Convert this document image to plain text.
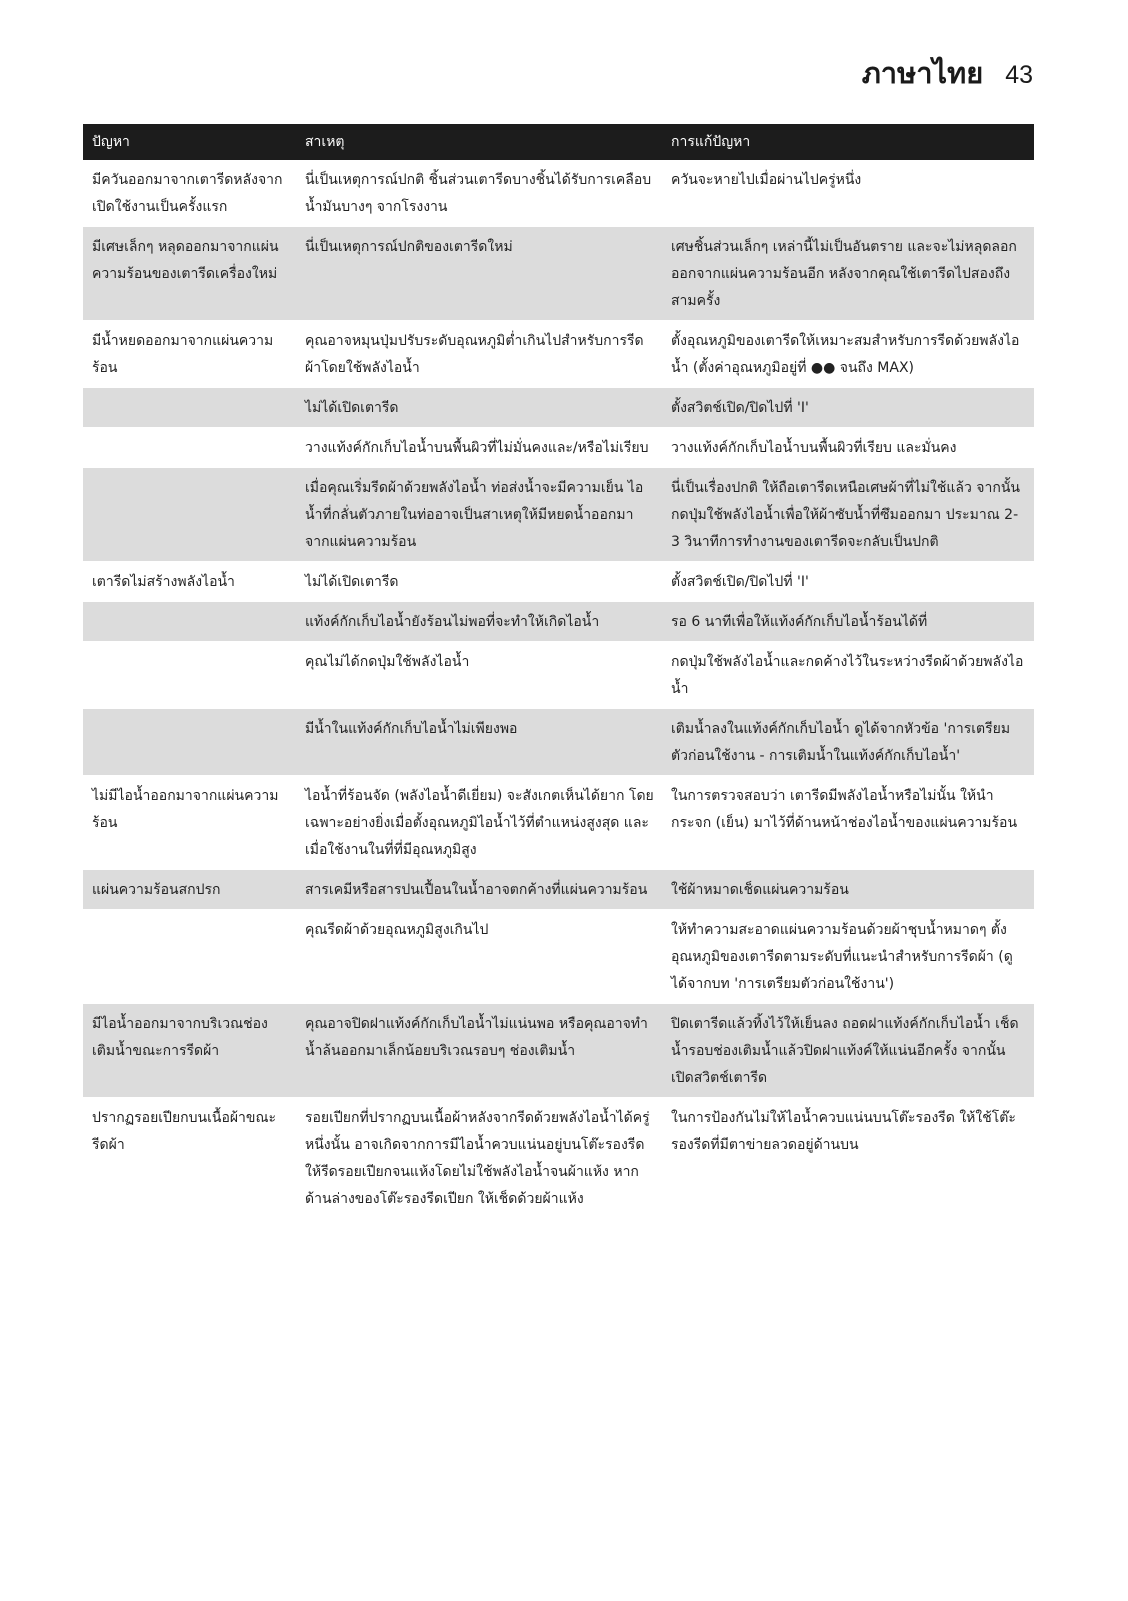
ภาษาไทย 43
ปัญหา	สาเหตุ	การแก้ปัญหา
มีควันออกมาจากเตารีดหลังจากเปิดใช้งานเป็นครั้งแรก	นี่เป็นเหตุการณ์ปกติ ชิ้นส่วนเตารีดบางชิ้นได้รับการเคลือบน้ำมันบางๆ จากโรงงาน	ควันจะหายไปเมื่อผ่านไปครู่หนึ่ง
มีเศษเล็กๆ หลุดออกมาจากแผ่นความร้อนของเตารีดเครื่องใหม่	นี่เป็นเหตุการณ์ปกติของเตารีดใหม่	เศษชิ้นส่วนเล็กๆ เหล่านี้ไม่เป็นอันตราย และจะไม่หลุดลอกออกจากแผ่นความร้อนอีก หลังจากคุณใช้เตารีดไปสองถึงสามครั้ง
มีน้ำหยดออกมาจากแผ่นความร้อน	คุณอาจหมุนปุ่มปรับระดับอุณหภูมิต่ำเกินไปสำหรับการรีดผ้าโดยใช้พลังไอน้ำ	ตั้งอุณหภูมิของเตารีดให้เหมาะสมสำหรับการรีดด้วยพลังไอน้ำ (ตั้งค่าอุณหภูมิอยู่ที่ ●● จนถึง MAX)
	ไม่ได้เปิดเตารีด	ตั้งสวิตช์เปิด/ปิดไปที่ 'I'
	วางแท้งค์กักเก็บไอน้ำบนพื้นผิวที่ไม่มั่นคงและ/หรือไม่เรียบ	วางแท้งค์กักเก็บไอน้ำบนพื้นผิวที่เรียบ และมั่นคง
	เมื่อคุณเริ่มรีดผ้าด้วยพลังไอน้ำ ท่อส่งน้ำจะมีความเย็น ไอน้ำที่กลั่นตัวภายในท่ออาจเป็นสาเหตุให้มีหยดน้ำออกมาจากแผ่นความร้อน	นี่เป็นเรื่องปกติ ให้ถือเตารีดเหนือเศษผ้าที่ไม่ใช้แล้ว จากนั้นกดปุ่มใช้พลังไอน้ำเพื่อให้ผ้าซับน้ำที่ซึมออกมา ประมาณ 2-3 วินาทีการทำงานของเตารีดจะกลับเป็นปกติ
เตารีดไม่สร้างพลังไอน้ำ	ไม่ได้เปิดเตารีด	ตั้งสวิตช์เปิด/ปิดไปที่ 'I'
	แท้งค์กักเก็บไอน้ำยังร้อนไม่พอที่จะทำให้เกิดไอน้ำ	รอ 6 นาทีเพื่อให้แท้งค์กักเก็บไอน้ำร้อนได้ที่
	คุณไม่ได้กดปุ่มใช้พลังไอน้ำ	กดปุ่มใช้พลังไอน้ำและกดค้างไว้ในระหว่างรีดผ้าด้วยพลังไอน้ำ
	มีน้ำในแท้งค์กักเก็บไอน้ำไม่เพียงพอ	เติมน้ำลงในแท้งค์กักเก็บไอน้ำ ดูได้จากหัวข้อ 'การเตรียมตัวก่อนใช้งาน - การเติมน้ำในแท้งค์กักเก็บไอน้ำ'
ไม่มีไอน้ำออกมาจากแผ่นความร้อน	ไอน้ำที่ร้อนจัด (พลังไอน้ำดีเยี่ยม) จะสังเกตเห็นได้ยาก โดยเฉพาะอย่างยิ่งเมื่อตั้งอุณหภูมิไอน้ำไว้ที่ตำแหน่งสูงสุด และเมื่อใช้งานในที่ที่มีอุณหภูมิสูง	ในการตรวจสอบว่า เตารีดมีพลังไอน้ำหรือไม่นั้น ให้นำกระจก (เย็น) มาไว้ที่ด้านหน้าช่องไอน้ำของแผ่นความร้อน
แผ่นความร้อนสกปรก	สารเคมีหรือสารปนเปื้อนในน้ำอาจตกค้างที่แผ่นความร้อน	ใช้ผ้าหมาดเช็ดแผ่นความร้อน
	คุณรีดผ้าด้วยอุณหภูมิสูงเกินไป	ให้ทำความสะอาดแผ่นความร้อนด้วยผ้าชุบน้ำหมาดๆ ตั้งอุณหภูมิของเตารีดตามระดับที่แนะนำสำหรับการรีดผ้า (ดูได้จากบท 'การเตรียมตัวก่อนใช้งาน')
มีไอน้ำออกมาจากบริเวณช่องเติมน้ำขณะการรีดผ้า	คุณอาจปิดฝาแท้งค์กักเก็บไอน้ำไม่แน่นพอ หรือคุณอาจทำน้ำล้นออกมาเล็กน้อยบริเวณรอบๆ ช่องเติมน้ำ	ปิดเตารีดแล้วทิ้งไว้ให้เย็นลง ถอดฝาแท้งค์กักเก็บไอน้ำ เช็ดน้ำรอบช่องเติมน้ำแล้วปิดฝาแท้งค์ให้แน่นอีกครั้ง จากนั้นเปิดสวิตช์เตารีด
ปรากฏรอยเปียกบนเนื้อผ้าขณะรีดผ้า	รอยเปียกที่ปรากฏบนเนื้อผ้าหลังจากรีดด้วยพลังไอน้ำได้ครู่หนึ่งนั้น อาจเกิดจากการมีไอน้ำควบแน่นอยู่บนโต๊ะรองรีด ให้รีดรอยเปียกจนแห้งโดยไม่ใช้พลังไอน้ำจนผ้าแห้ง หากด้านล่างของโต๊ะรองรีดเปียก ให้เช็ดด้วยผ้าแห้ง	ในการป้องกันไม่ให้ไอน้ำควบแน่นบนโต๊ะรองรีด ให้ใช้โต๊ะรองรีดที่มีตาข่ายลวดอยู่ด้านบน
